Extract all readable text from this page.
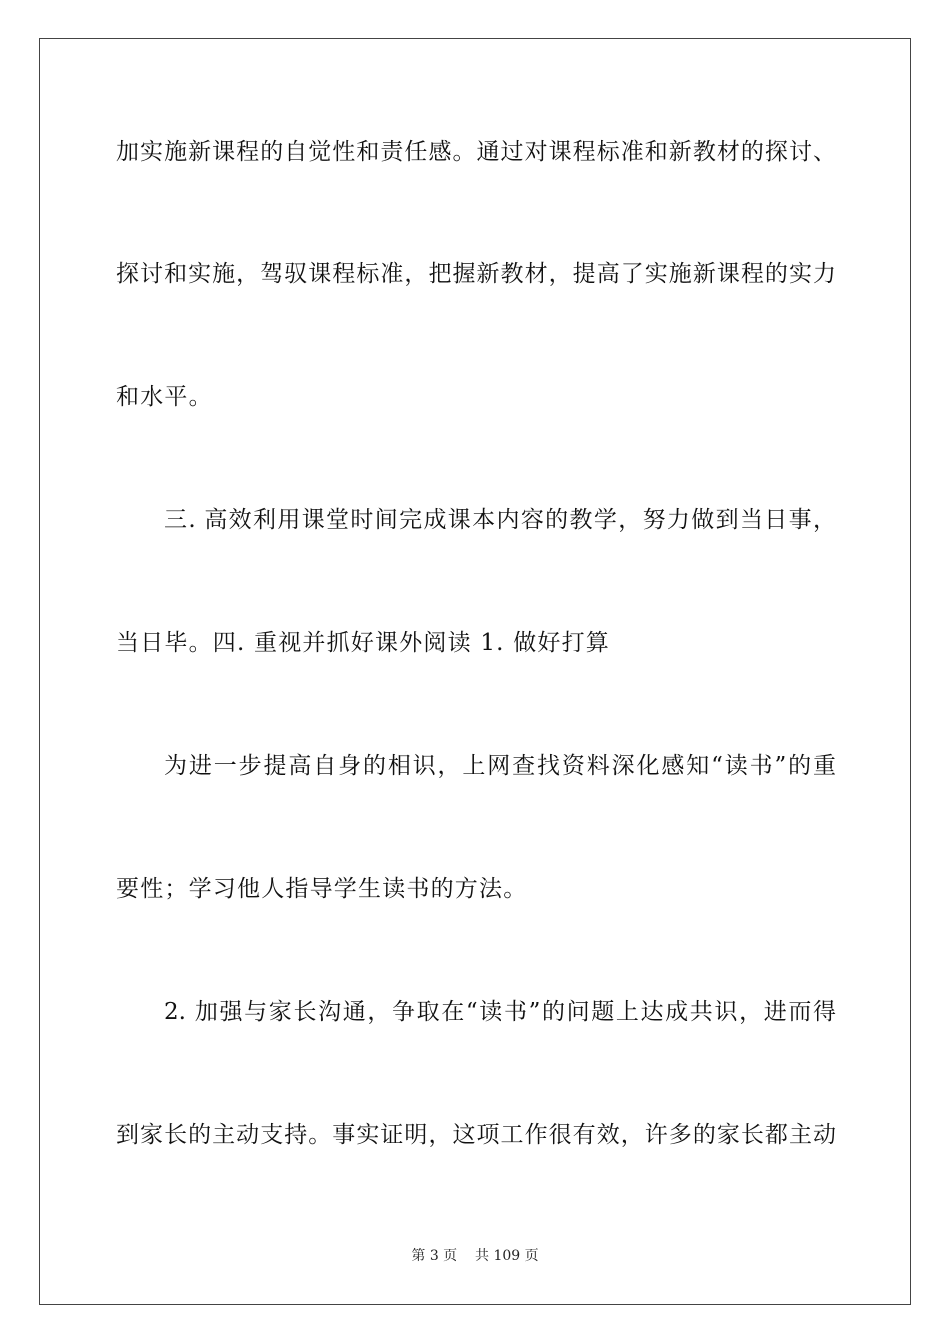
加实施新课程的自觉性和责任感。通过对课程标准和新教材的探讨、
探讨和实施，驾驭课程标准，把握新教材，提高了实施新课程的实力
和水平。
三. 高效利用课堂时间完成课本内容的教学，努力做到当日事，
当日毕。四. 重视并抓好课外阅读 1. 做好打算
为进一步提高自身的相识，上网查找资料深化感知“读书”的重
要性；学习他人指导学生读书的方法。
2. 加强与家长沟通，争取在“读书”的问题上达成共识，进而得
到家长的主动支持。事实证明，这项工作很有效，许多的家长都主动
第 3 页 共 109 页
